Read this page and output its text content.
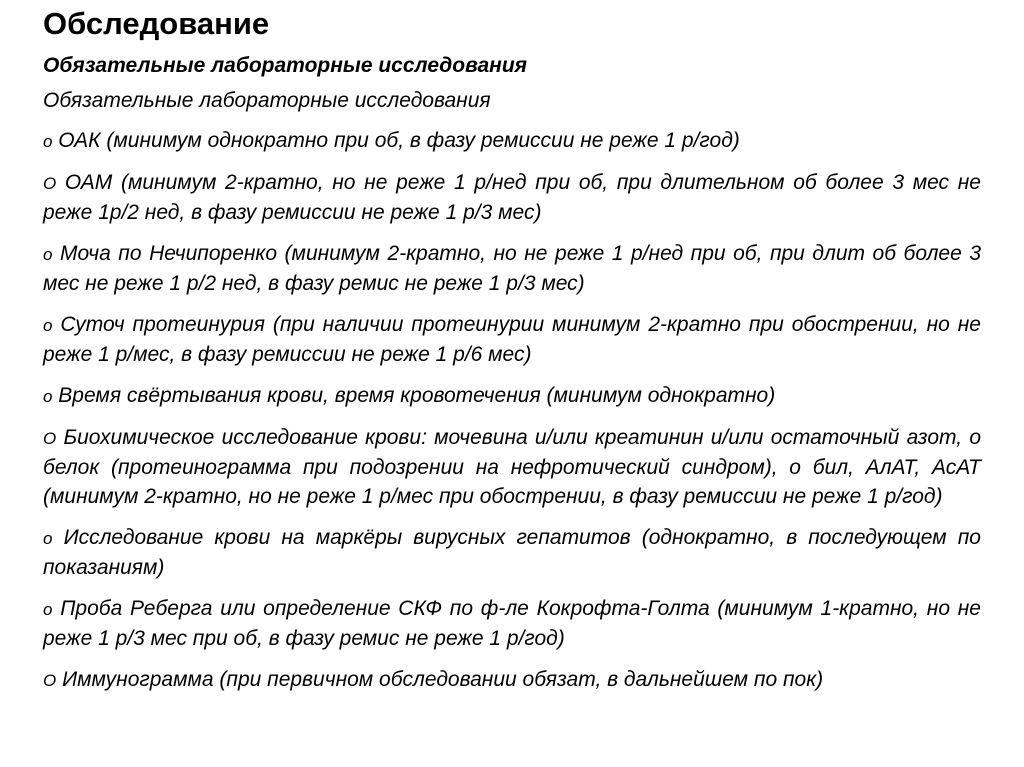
Обследование
Обязательные лабораторные исследования
Обязательные лабораторные исследования
o ОАК (минимум однократно при об, в фазу ремиссии не реже 1 р/год)
O ОАМ (минимум 2-кратно, но не реже 1 р/нед при об, при длительном об более 3 мес не реже 1р/2 нед, в фазу ремиссии не реже 1 р/3 мес)
o Моча по Нечипоренко (минимум 2-кратно, но не реже 1 р/нед при об, при длит об более 3 мес не реже 1 р/2 нед, в фазу ремис не реже 1 р/3 мес)
o Суточ протеинурия (при наличии протеинурии минимум 2-кратно при обострении, но не реже 1 р/мес, в фазу ремиссии не реже 1 р/6 мес)
o Время свёртывания крови, время кровотечения (минимум однократно)
O Биохимическое исследование крови: мочевина и/или креатинин и/или остаточный азот, о белок (протеинограмма при подозрении на нефротический синдром), о бил, АлАТ, АсАТ (минимум 2-кратно, но не реже 1 р/мес при обострении, в фазу ремиссии не реже 1 р/год)
o Исследование крови на маркёры вирусных гепатитов (однократно, в последующем по показаниям)
o Проба Реберга или определение СКФ по ф-ле Кокрофта-Голта (минимум 1-кратно, но не реже 1 р/3 мес при об, в фазу ремис не реже 1 р/год)
O Иммунограмма (при первичном обследовании обязат, в дальнейшем по пок)
